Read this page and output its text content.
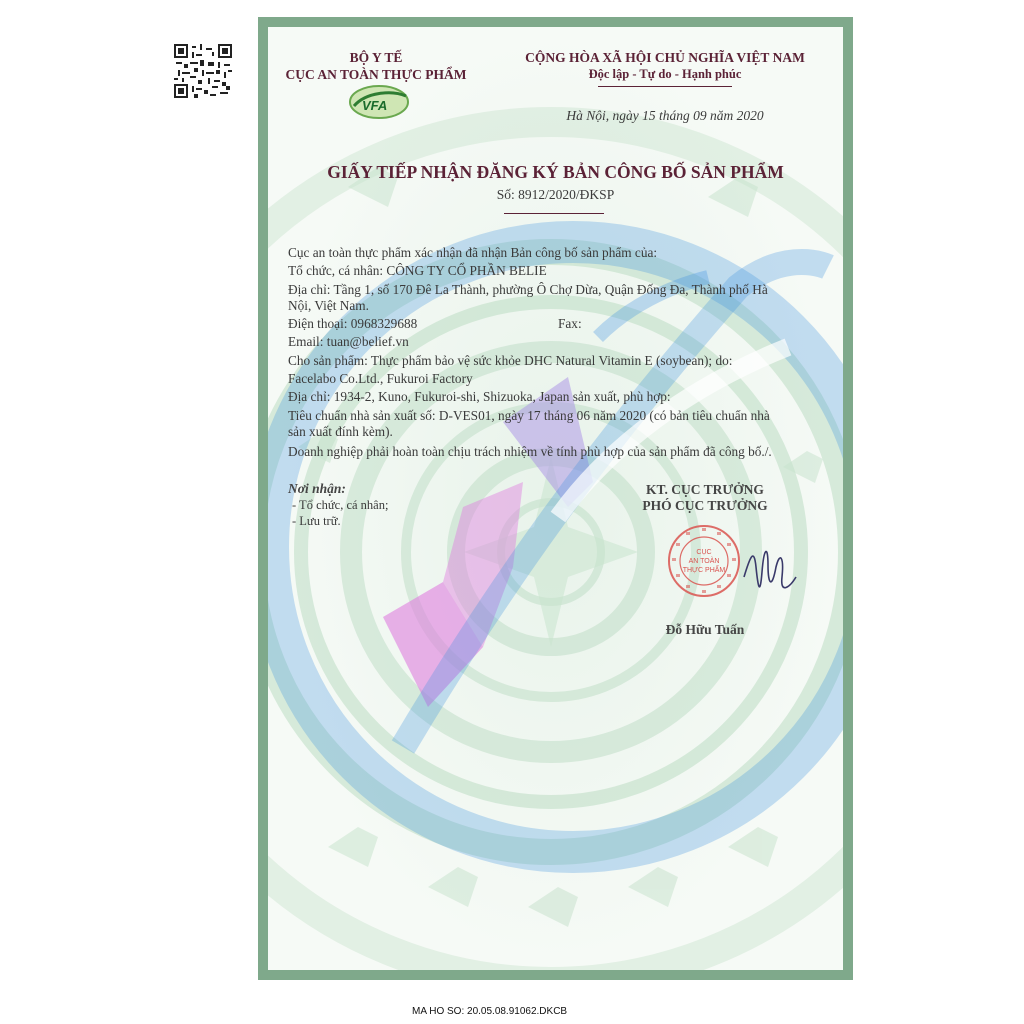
BỘ Y TẾ
CỤC AN TOÀN THỰC PHẨM
VFA
CỘNG HÒA XÃ HỘI CHỦ NGHĨA VIỆT NAM
Độc lập - Tự do - Hạnh phúc
Hà Nội, ngày 15 tháng 09 năm 2020
GIẤY TIẾP NHẬN ĐĂNG KÝ BẢN CÔNG BỐ SẢN PHẨM
Số: 8912/2020/ĐKSP
Cục an toàn thực phẩm xác nhận đã nhận Bản công bố sản phẩm của:
Tổ chức, cá nhân: CÔNG TY CỔ PHẦN BELIE
Địa chỉ: Tầng 1, số 170 Đê La Thành, phường Ô Chợ Dừa, Quận Đống Đa, Thành phố Hà
Nội, Việt Nam.
Điện thoại: 0968329688	Fax:
Email: tuan@belief.vn
Cho sản phẩm: Thực phẩm bảo vệ sức khỏe DHC Natural Vitamin E (soybean); do:
Facelabo Co.Ltd., Fukuroi Factory
Địa chỉ: 1934-2, Kuno, Fukuroi-shi, Shizuoka, Japan sản xuất, phù hợp:
Tiêu chuẩn nhà sản xuất số: D-VES01, ngày 17 tháng 06 năm 2020 (có bản tiêu chuẩn nhà
sản xuất đính kèm).
Doanh nghiệp phải hoàn toàn chịu trách nhiệm về tính phù hợp của sản phẩm đã công bố./.
Nơi nhận:
- Tổ chức, cá nhân;
- Lưu trữ.
KT. CỤC TRƯỞNG
PHÓ CỤC TRƯỞNG
CỤC
AN TOÀN
THỰC PHẨM
Đỗ Hữu Tuấn
MA HO SO: 20.05.08.91062.DKCB
